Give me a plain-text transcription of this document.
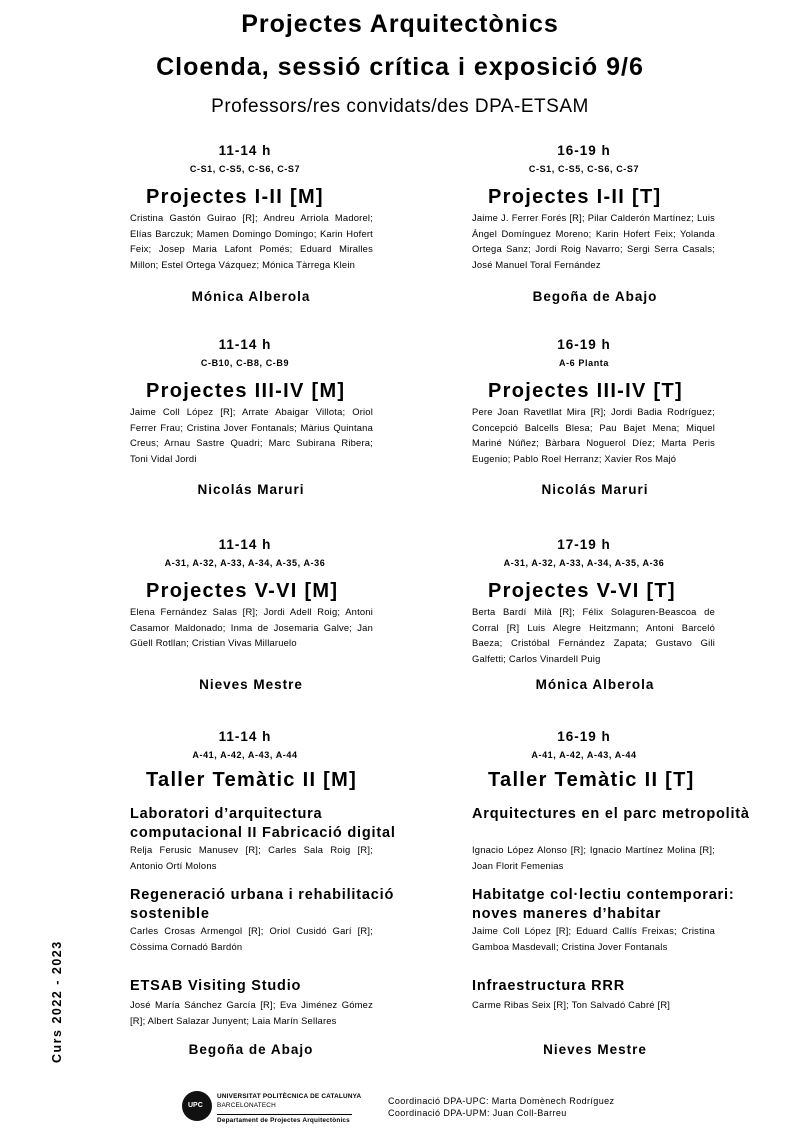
Projectes Arquitectònics
Cloenda, sessió crítica i exposició 9/6
Professors/res convidats/des DPA-ETSAM
11-14 h
C-S1, C-S5, C-S6, C-S7
Projectes I-II [M]
Cristina Gastón Guirao [R]; Andreu Arriola Madorel; Elías Barczuk; Mamen Domingo Domingo; Karin Hofert Feix; Josep Maria Lafont Pomés; Eduard Miralles Millon; Estel Ortega Vázquez; Mónica Tàrrega Klein
Mónica Alberola
16-19 h
C-S1, C-S5, C-S6, C-S7
Projectes I-II [T]
Jaime J. Ferrer Forés [R]; Pilar Calderón Martínez; Luis Ángel Domínguez Moreno; Karin Hofert Feix; Yolanda Ortega Sanz; Jordi Roig Navarro; Sergi Serra Casals; José Manuel Toral Fernández
Begoña de Abajo
11-14 h
C-B10, C-B8, C-B9
Projectes III-IV [M]
Jaime Coll López [R]; Arrate Abaigar Villota; Oriol Ferrer Frau; Cristina Jover Fontanals; Màrius Quintana Creus; Arnau Sastre Quadri; Marc Subirana Ribera; Toni Vidal Jordi
Nicolás Maruri
16-19 h
A-6 Planta
Projectes III-IV [T]
Pere Joan Ravetllat Mira [R]; Jordi Badia Rodríguez; Concepció Balcells Blesa; Pau Bajet Mena; Miquel Mariné Núñez; Bàrbara Noguerol Díez; Marta Peris Eugenio; Pablo Roel Herranz; Xavier Ros Majó
Nicolás Maruri
11-14 h
A-31, A-32, A-33, A-34, A-35, A-36
Projectes V-VI [M]
Elena Fernández Salas [R]; Jordi Adell Roig; Antoni Casamor Maldonado; Inma de Josemaria Galve; Jan Güell Rotllan; Cristian Vivas Millaruelo
Nieves Mestre
17-19 h
A-31, A-32, A-33, A-34, A-35, A-36
Projectes V-VI [T]
Berta Bardí Milà [R]; Félix Solaguren-Beascoa de Corral [R] Luis Alegre Heitzmann; Antoni Barceló Baeza; Cristóbal Fernández Zapata; Gustavo Gili Galfetti; Carlos Vinardell Puig
Mónica Alberola
11-14 h
A-41, A-42, A-43, A-44
Taller Temàtic II [M]
Laboratori d’arquitectura computacional II Fabricació digital
Relja Ferusic Manusev [R]; Carles Sala Roig [R]; Antonio Ortí Molons
Regeneració urbana i rehabilitació sostenible
Carles Crosas Armengol [R]; Oriol Cusidó Garí [R]; Còssima Cornadó Bardón
ETSAB Visiting Studio
José María Sánchez García [R]; Eva Jiménez Gómez [R]; Albert Salazar Junyent; Laia Marín Sellares
Begoña de Abajo
16-19 h
A-41, A-42, A-43, A-44
Taller Temàtic II [T]
Arquitectures en el parc metropolità
Ignacio López Alonso [R]; Ignacio Martínez Molina [R]; Joan Florit Femenias
Habitatge col·lectiu contemporari: noves maneres d’habitar
Jaime Coll López [R]; Eduard Callís Freixas; Cristina Gamboa Masdevall; Cristina Jover Fontanals
Infraestructura RRR
Carme Ribas Seix [R]; Ton Salvadó Cabré [R]
Nieves Mestre
Curs 2022 - 2023
UPC
UNIVERSITAT POLITÈCNICA DE CATALUNYA
BARCELONATECH
Departament de Projectes Arquitectònics
Coordinació DPA-UPC: Marta Domènech Rodríguez
Coordinació DPA-UPM: Juan Coll-Barreu
